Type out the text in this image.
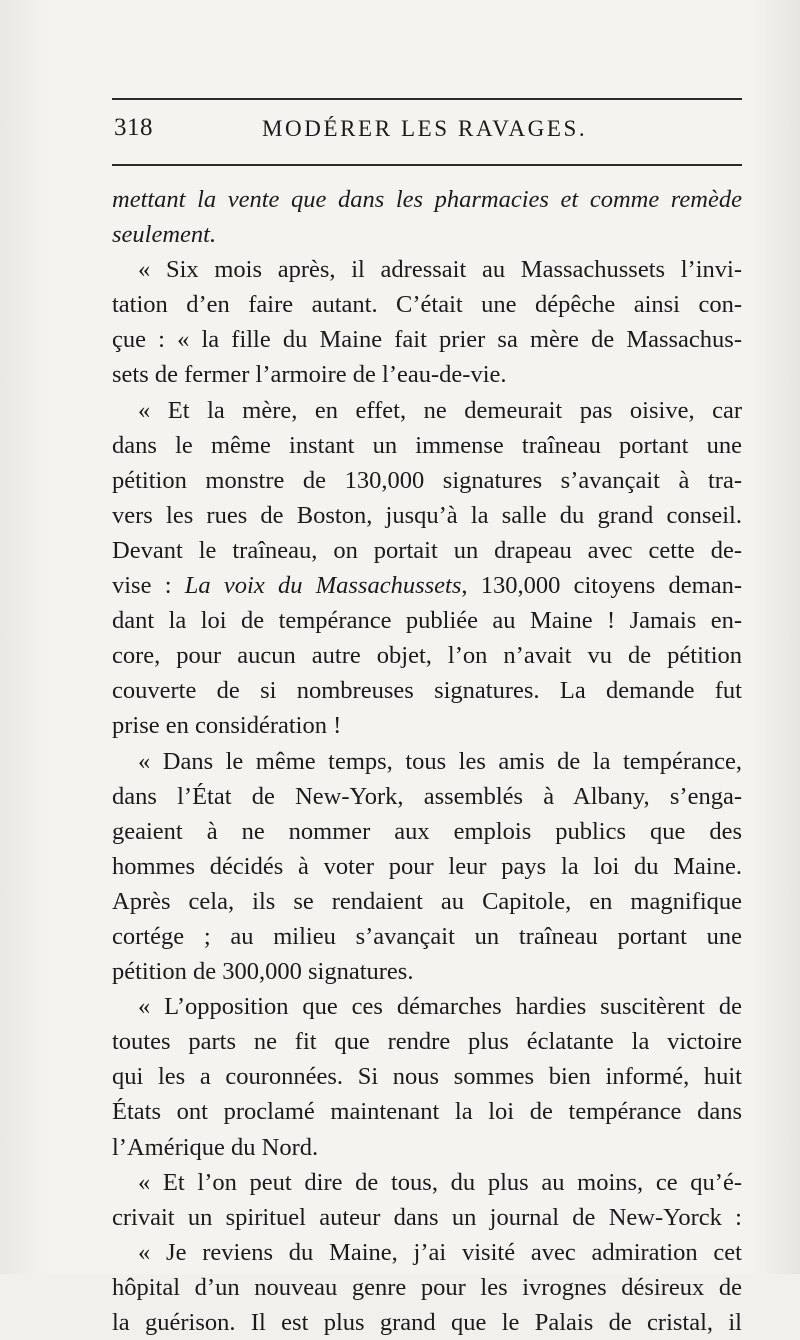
318	MODÉRER LES RAVAGES.
mettant la vente que dans les pharmacies et comme remède
seulement.
« Six mois après, il adressait au Massachussets l’invi-
tation d’en faire autant. C’était une dépêche ainsi con-
çue : « la fille du Maine fait prier sa mère de Massachus-
sets de fermer l’armoire de l’eau-de-vie.
« Et la mère, en effet, ne demeurait pas oisive, car
dans le même instant un immense traîneau portant une
pétition monstre de 130,000 signatures s’avançait à tra-
vers les rues de Boston, jusqu’à la salle du grand conseil.
Devant le traîneau, on portait un drapeau avec cette de-
vise : La voix du Massachussets, 130,000 citoyens deman-
dant la loi de tempérance publiée au Maine ! Jamais en-
core, pour aucun autre objet, l’on n’avait vu de pétition
couverte de si nombreuses signatures. La demande fut
prise en considération !
« Dans le même temps, tous les amis de la tempérance,
dans l’État de New-York, assemblés à Albany, s’enga-
geaient à ne nommer aux emplois publics que des
hommes décidés à voter pour leur pays la loi du Maine.
Après cela, ils se rendaient au Capitole, en magnifique
cortége ; au milieu s’avançait un traîneau portant une
pétition de 300,000 signatures.
« L’opposition que ces démarches hardies suscitèrent de
toutes parts ne fit que rendre plus éclatante la victoire
qui les a couronnées. Si nous sommes bien informé, huit
États ont proclamé maintenant la loi de tempérance dans
l’Amérique du Nord.
« Et l’on peut dire de tous, du plus au moins, ce qu’é-
crivait un spirituel auteur dans un journal de New-Yorck :
« Je reviens du Maine, j’ai visité avec admiration cet
hôpital d’un nouveau genre pour les ivrognes désireux de
la guérison. Il est plus grand que le Palais de cristal, il
